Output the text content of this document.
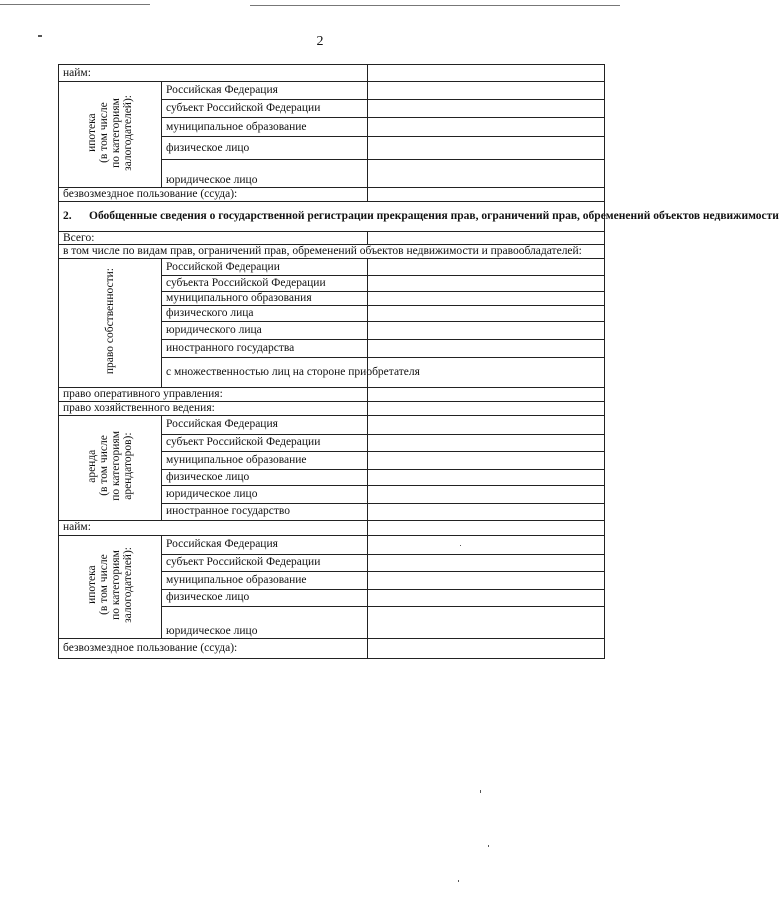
2
найм:		
ипотека
(в том числе
по категориям
залогодателей):	Российская Федерация	
	субъект Российской Федерации	
	муниципальное образование	
	физическое лицо	
	юридическое лицо	
безвозмездное пользование (ссуда):		
2. Обобщенные сведения о государственной регистрации прекращения прав, ограничений прав, обременений объектов недвижимости		
Всего:		
в том числе по видам прав, ограничений прав, обременений объектов недвижимости и правообладателей:		
право собственности:	Российской Федерации	
	субъекта Российской Федерации	
	муниципального образования	
	физического лица	
	юридического лица	
	иностранного государства	
	с множественностью лиц на стороне приобретателя	
право оперативного управления:		
право хозяйственного ведения:		
аренда
(в том числе
по категориям
арендаторов):	Российская Федерация	
	субъект Российской Федерации	
	муниципальное образование	
	физическое лицо	
	юридическое лицо	
	иностранное государство	
найм:		
ипотека
(в том числе
по категориям
залогодателей):	Российская Федерация	
	субъект Российской Федерации	
	муниципальное образование	
	физическое лицо	
	юридическое лицо	
безвозмездное пользование (ссуда):		
